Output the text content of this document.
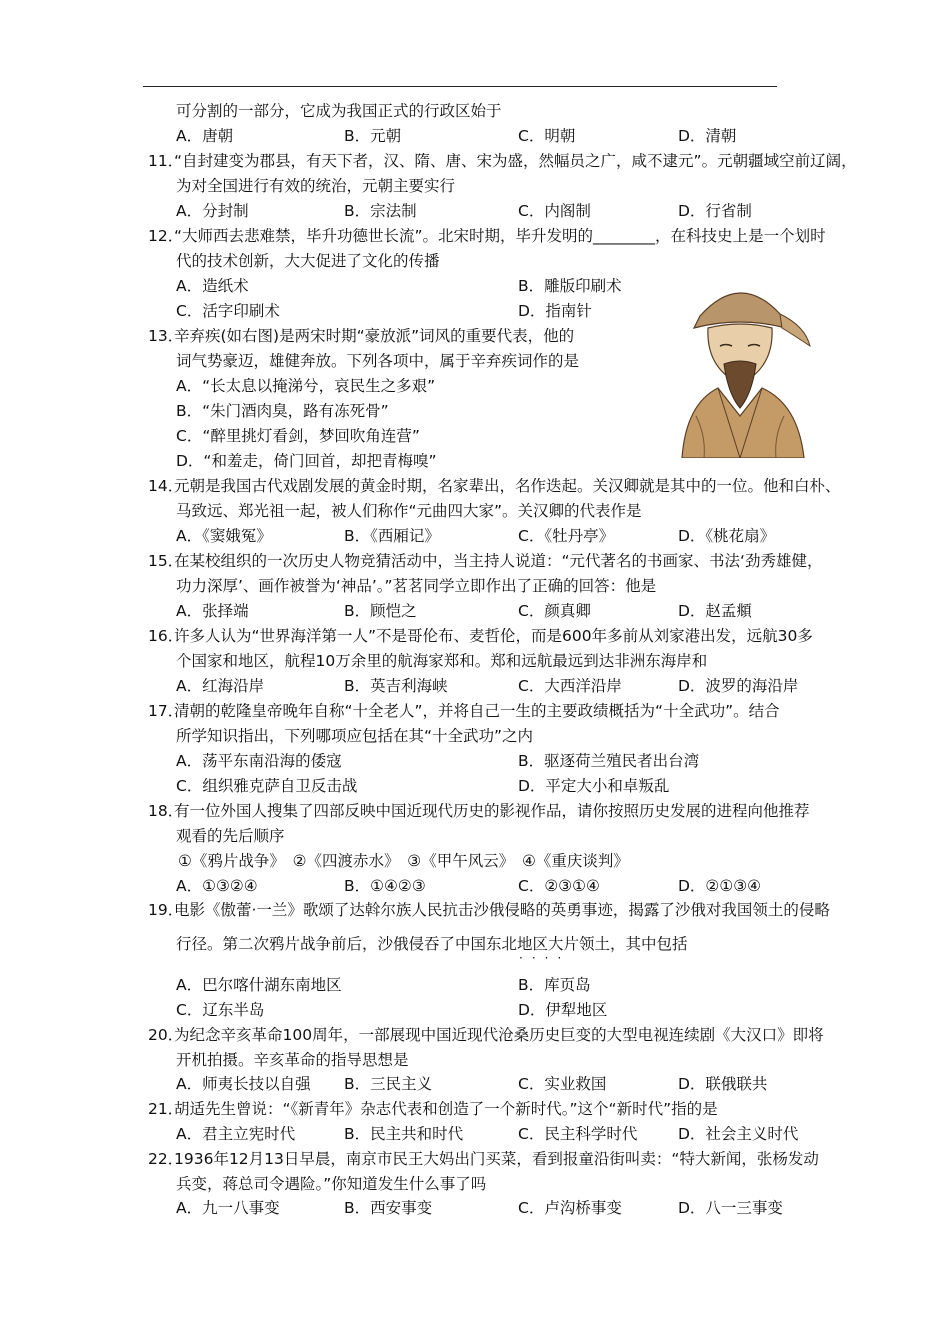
可分割的一部分，它成为我国正式的行政区始于
A．唐朝	B．元朝	C．明朝	D．清朝
11．
“自封建变为郡县，有天下者，汉、隋、唐、宋为盛，然幅员之广，咸不逮元”。元朝疆域空前辽阔，
为对全国进行有效的统治，元朝主要实行
A．分封制	B．宗法制	C．内阁制	D．行省制
12．
“大师西去悲难禁，毕升功德世长流”。北宋时期，毕升发明的________，在科技史上是一个划时
代的技术创新，大大促进了文化的传播
A．造纸术	B．雕版印刷术
C．活字印刷术	D．指南针
13．
辛弃疾(如右图)是两宋时期“豪放派”词风的重要代表，他的
词气势豪迈，雄健奔放。下列各项中，属于辛弃疾词作的是
A．“长太息以掩涕兮，哀民生之多艰”
B．“朱门酒肉臭，路有冻死骨”
C．“醉里挑灯看剑，梦回吹角连营”
D．“和羞走，倚门回首，却把青梅嗅”
14．
元朝是我国古代戏剧发展的黄金时期，名家辈出，名作迭起。关汉卿就是其中的一位。他和白朴、
马致远、郑光祖一起，被人们称作“元曲四大家”。关汉卿的代表作是
A．《窦娥冤》	B．《西厢记》	C．《牡丹亭》	D．《桃花扇》
15．
在某校组织的一次历史人物竞猜活动中，当主持人说道：“元代著名的书画家、书法‘劲秀雄健，
功力深厚’、画作被誉为‘神品’。”茗茗同学立即作出了正确的回答：他是
A．张择端	B．顾恺之	C．颜真卿	D．赵孟頫
16．
许多人认为“世界海洋第一人”不是哥伦布、麦哲伦，而是600年多前从刘家港出发，远航30多
个国家和地区，航程10万余里的航海家郑和。郑和远航最远到达非洲东海岸和
A．红海沿岸	B．英吉利海峡	C．大西洋沿岸	D．波罗的海沿岸
17．
清朝的乾隆皇帝晚年自称“十全老人”，并将自己一生的主要政绩概括为“十全武功”。结合
所学知识指出，下列哪项应包括在其“十全武功”之内
A．荡平东南沿海的倭寇	B．驱逐荷兰殖民者出台湾
C．组织雅克萨自卫反击战	D．平定大小和卓叛乱
18．
有一位外国人搜集了四部反映中国近现代历史的影视作品，请你按照历史发展的进程向他推荐
观看的先后顺序
①《鸦片战争》　②《四渡赤水》　③《甲午风云》　④《重庆谈判》
A．①③②④	B．①④②③	C．②③①④	D．②①③④
19．
电影《傲蕾·一兰》歌颂了达斡尔族人民抗击沙俄侵略的英勇事迹，揭露了沙俄对我国领土的侵略
行径。第二次鸦片战争前后，沙俄侵吞了中国东北地区大片领土，其中包括
····
A．巴尔喀什湖东南地区	B．库页岛
C．辽东半岛	D．伊犁地区
20．
为纪念辛亥革命100周年，一部展现中国近现代沧桑历史巨变的大型电视连续剧《大汉口》即将
开机拍摄。辛亥革命的指导思想是
A．师夷长技以自强 B．三民主义	C．实业救国	D．联俄联共
21．
胡适先生曾说：“《新青年》杂志代表和创造了一个新时代。”这个“新时代”指的是
A．君主立宪时代	B．民主共和时代	C．民主科学时代	D．社会主义时代
22．
1936年12月13日早晨，南京市民王大妈出门买菜，看到报童沿街叫卖：“特大新闻，张杨发动
兵变，蒋总司令遇险。”你知道发生什么事了吗
A．九一八事变	B．西安事变	C．卢沟桥事变	D．八一三事变
